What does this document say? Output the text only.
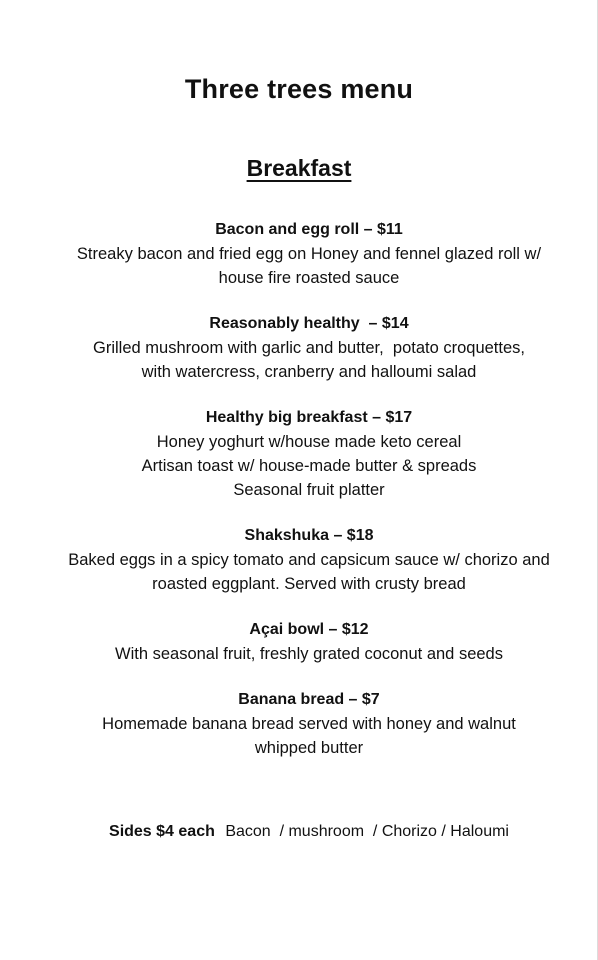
Three trees menu
Breakfast
Bacon and egg roll – $11
Streaky bacon and fried egg on Honey and fennel glazed roll w/
house fire roasted sauce
Reasonably healthy  – $14
Grilled mushroom with garlic and butter,  potato croquettes,
with watercress, cranberry and halloumi salad
Healthy big breakfast – $17
Honey yoghurt w/house made keto cereal
Artisan toast w/ house-made butter & spreads
Seasonal fruit platter
Shakshuka – $18
Baked eggs in a spicy tomato and capsicum sauce w/ chorizo and
roasted eggplant. Served with crusty bread
Açai bowl – $12
With seasonal fruit, freshly grated coconut and seeds
Banana bread – $7
Homemade banana bread served with honey and walnut
whipped butter
Sides $4 each Bacon  / mushroom  / Chorizo / Haloumi
